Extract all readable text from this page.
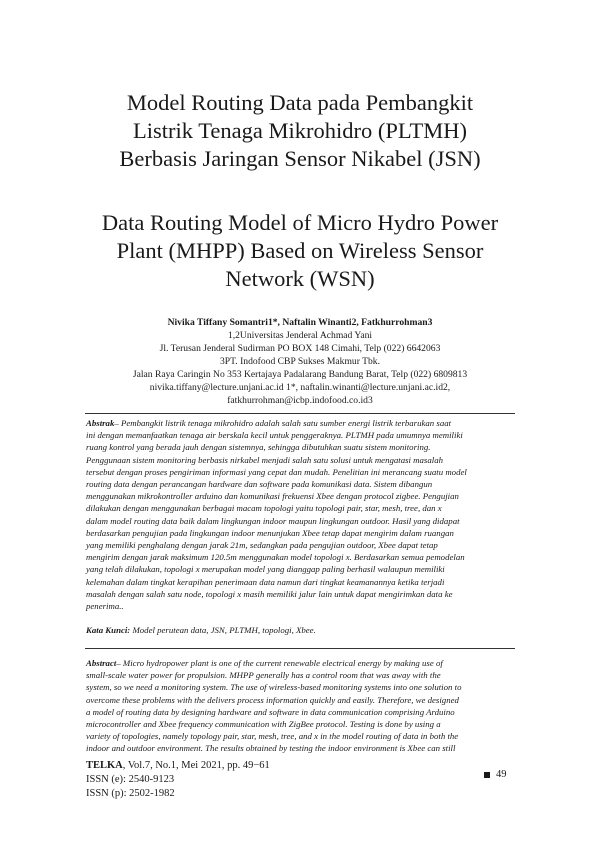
Model Routing Data pada Pembangkit
Listrik Tenaga Mikrohidro (PLTMH)
Berbasis Jaringan Sensor Nikabel (JSN)
Data Routing Model of Micro Hydro Power
Plant (MHPP) Based on Wireless Sensor
Network (WSN)
Nivika Tiffany Somantri1*, Naftalin Winanti2, Fatkhurrohman3
1,2Universitas Jenderal Achmad Yani
Jl. Terusan Jenderal Sudirman PO BOX 148 Cimahi, Telp (022) 6642063
3PT. Indofood CBP Sukses Makmur Tbk.
Jalan Raya Caringin No 353 Kertajaya Padalarang Bandung Barat, Telp (022) 6809813
nivika.tiffany@lecture.unjani.ac.id 1*, naftalin.winanti@lecture.unjani.ac.id2,
fatkhurrohman@icbp.indofood.co.id3
Abstrak– Pembangkit listrik tenaga mikrohidro adalah salah satu sumber energi listrik terbarukan saat
ini dengan memanfaatkan tenaga air berskala kecil untuk penggeraknya. PLTMH pada umumnya memiliki
ruang kontrol yang berada jauh dengan sistemnya, sehingga dibutuhkan suatu sistem monitoring.
Penggunaan sistem monitoring berbasis nirkabel menjadi salah satu solusi untuk mengatasi masalah
tersebut dengan proses pengiriman informasi yang cepat dan mudah. Penelitian ini merancang suatu model
routing data dengan perancangan hardware dan software pada komunikasi data. Sistem dibangun
menggunakan mikrokontroller arduino dan komunikasi frekuensi Xbee dengan protocol zigbee. Pengujian
dilakukan dengan menggunakan berbagai macam topologi yaitu topologi pair, star, mesh, tree, dan x
dalam model routing data baik dalam lingkungan indoor maupun lingkungan outdoor. Hasil yang didapat
berdasarkan pengujian pada lingkungan indoor menunjukan Xbee tetap dapat mengirim dalam ruangan
yang memiliki penghalang dengan jarak 21m, sedangkan pada pengujian outdoor, Xbee dapat tetap
mengirim dengan jarak maksimum 120.5m menggunakan model topologi x. Berdasarkan semua pemodelan
yang telah dilakukan, topologi x merupakan model yang dianggap paling berhasil walaupun memiliki
kelemahan dalam tingkat kerapihan penerimaan data namun dari tingkat keamanannya ketika terjadi
masalah dengan salah satu node, topologi x masih memiliki jalur lain untuk dapat mengirimkan data ke
penerima..
Kata Kunci: Model perutean data, JSN, PLTMH, topologi, Xbee.
Abstract– Micro hydropower plant is one of the current renewable electrical energy by making use of
small-scale water power for propulsion. MHPP generally has a control room that was away with the
system, so we need a monitoring system. The use of wireless-based monitoring systems into one solution to
overcome these problems with the delivers process information quickly and easily. Therefore, we designed
a model of routing data by designing hardware and software in data communication comprising Arduino
microcontroller and Xbee frequency communication with ZigBee protocol. Testing is done by using a
variety of topologies, namely topology pair, star, mesh, tree, and x in the model routing of data in both the
indoor and outdoor environment. The results obtained by testing the indoor environment is Xbee can still
TELKA, Vol.7, No.1, Mei 2021, pp. 49−61
ISSN (e): 2540-9123
ISSN (p): 2502-1982
49
